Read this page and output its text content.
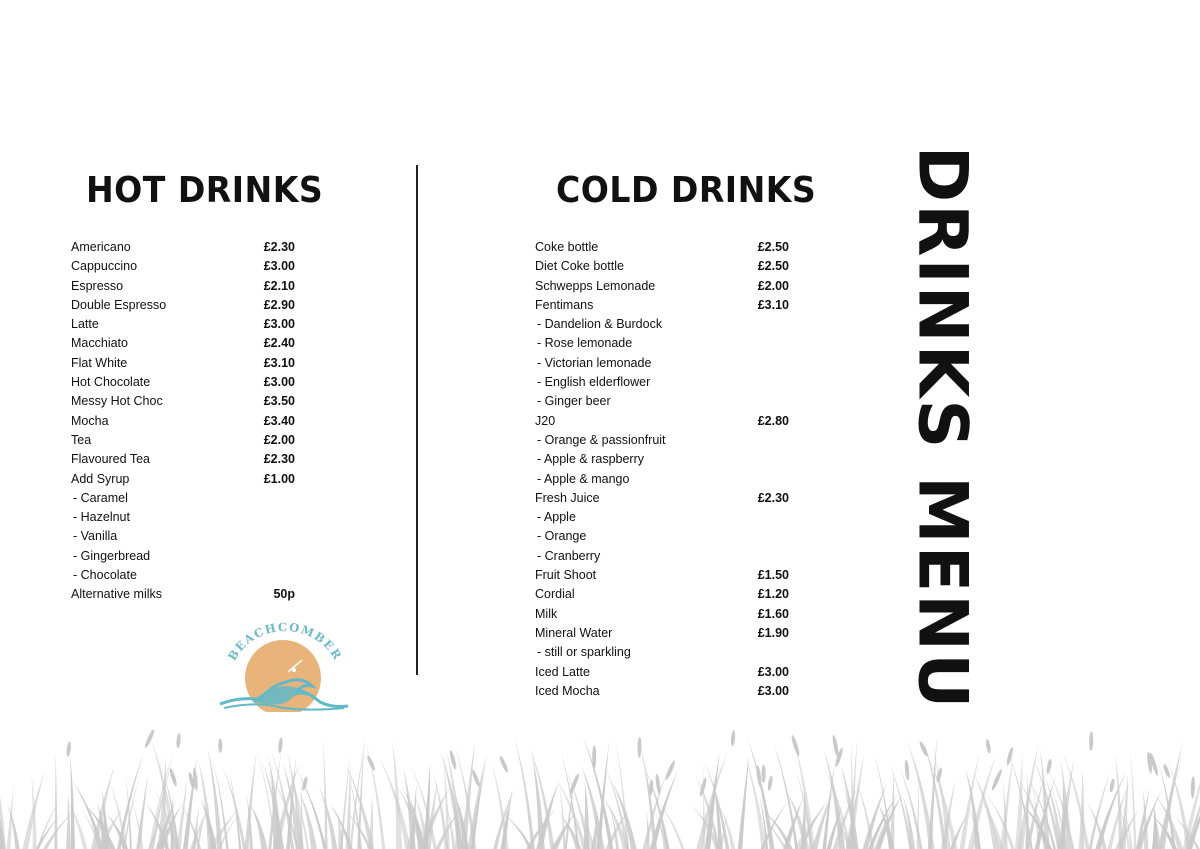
HOT DRINKS	COLD DRINKS
Americano	£2.30
Cappuccino	£3.00
Espresso	£2.10
Double Espresso	£2.90
Latte	£3.00
Macchiato	£2.40
Flat White	£3.10
Hot Chocolate	£3.00
Messy Hot Choc	£3.50
Mocha	£3.40
Tea	£2.00
Flavoured Tea	£2.30
Add Syrup	£1.00
- Caramel
- Hazelnut
- Vanilla
- Gingerbread
- Chocolate
Alternative milks	50p
Coke bottle	£2.50
Diet Coke bottle	£2.50
Schwepps Lemonade	£2.00
Fentimans	£3.10
- Dandelion & Burdock
- Rose lemonade
- Victorian lemonade
- English elderflower
- Ginger beer
J20	£2.80
- Orange & passionfruit
- Apple & raspberry
- Apple & mango
Fresh Juice	£2.30
- Apple
- Orange
- Cranberry
Fruit Shoot	£1.50
Cordial	£1.20
Milk	£1.60
Mineral Water	£1.90
- still or sparkling
Iced Latte	£3.00
Iced Mocha	£3.00 DRINKS MENU
BEACHCOMBER
